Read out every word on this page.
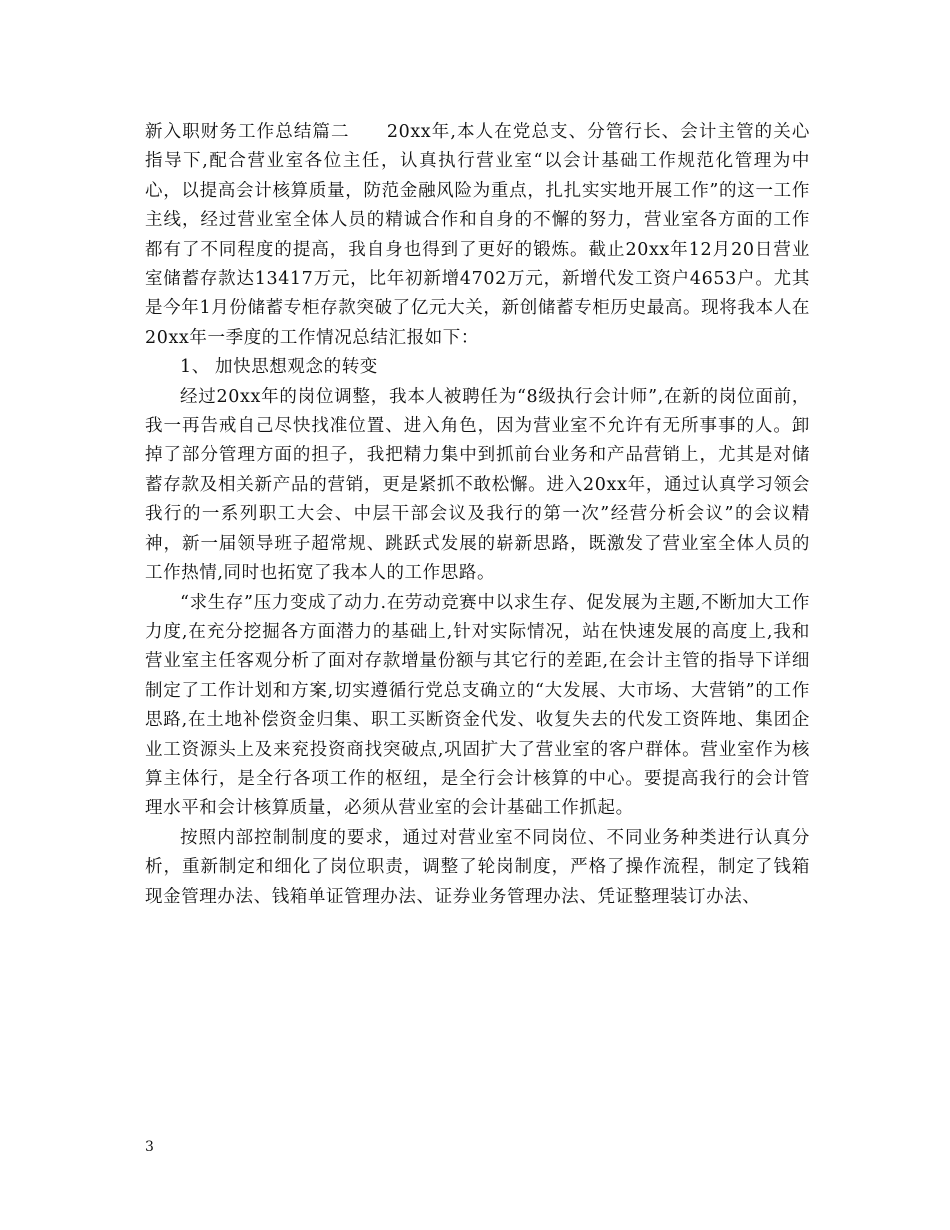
新入职财务工作总结篇二　　20xx年,本人在党总支、分管行长、会计主管的关心指导下,配合营业室各位主任，认真执行营业室“以会计基础工作规范化管理为中心，以提高会计核算质量，防范金融风险为重点，扎扎实实地开展工作”的这一工作主线，经过营业室全体人员的精诚合作和自身的不懈的努力，营业室各方面的工作都有了不同程度的提高，我自身也得到了更好的锻炼。截止20xx年12月20日营业室储蓄存款达13417万元，比年初新增4702万元，新增代发工资户4653户。尤其是今年1月份储蓄专柜存款突破了亿元大关，新创储蓄专柜历史最高。现将我本人在20xx年一季度的工作情况总结汇报如下：

1、 加快思想观念的转变

经过20xx年的岗位调整，我本人被聘任为“8级执行会计师”,在新的岗位面前，我一再告戒自己尽快找准位置、进入角色，因为营业室不允许有无所事事的人。卸掉了部分管理方面的担子，我把精力集中到抓前台业务和产品营销上，尤其是对储蓄存款及相关新产品的营销，更是紧抓不敢松懈。进入20xx年，通过认真学习领会我行的一系列职工大会、中层干部会议及我行的第一次”经营分析会议”的会议精神，新一届领导班子超常规、跳跃式发展的崭新思路，既激发了营业室全体人员的工作热情,同时也拓宽了我本人的工作思路。

“求生存”压力变成了动力.在劳动竞赛中以求生存、促发展为主题,不断加大工作力度,在充分挖掘各方面潜力的基础上,针对实际情况，站在快速发展的高度上,我和营业室主任客观分析了面对存款增量份额与其它行的差距,在会计主管的指导下详细制定了工作计划和方案,切实遵循行党总支确立的“大发展、大市场、大营销”的工作思路,在土地补偿资金归集、职工买断资金代发、收复失去的代发工资阵地、集团企业工资源头上及来兖投资商找突破点,巩固扩大了营业室的客户群体。营业室作为核算主体行，是全行各项工作的枢纽，是全行会计核算的中心。要提高我行的会计管理水平和会计核算质量，必须从营业室的会计基础工作抓起。

按照内部控制制度的要求，通过对营业室不同岗位、不同业务种类进行认真分析，重新制定和细化了岗位职责，调整了轮岗制度，严格了操作流程，制定了钱箱现金管理办法、钱箱单证管理办法、证券业务管理办法、凭证整理装订办法、

3
